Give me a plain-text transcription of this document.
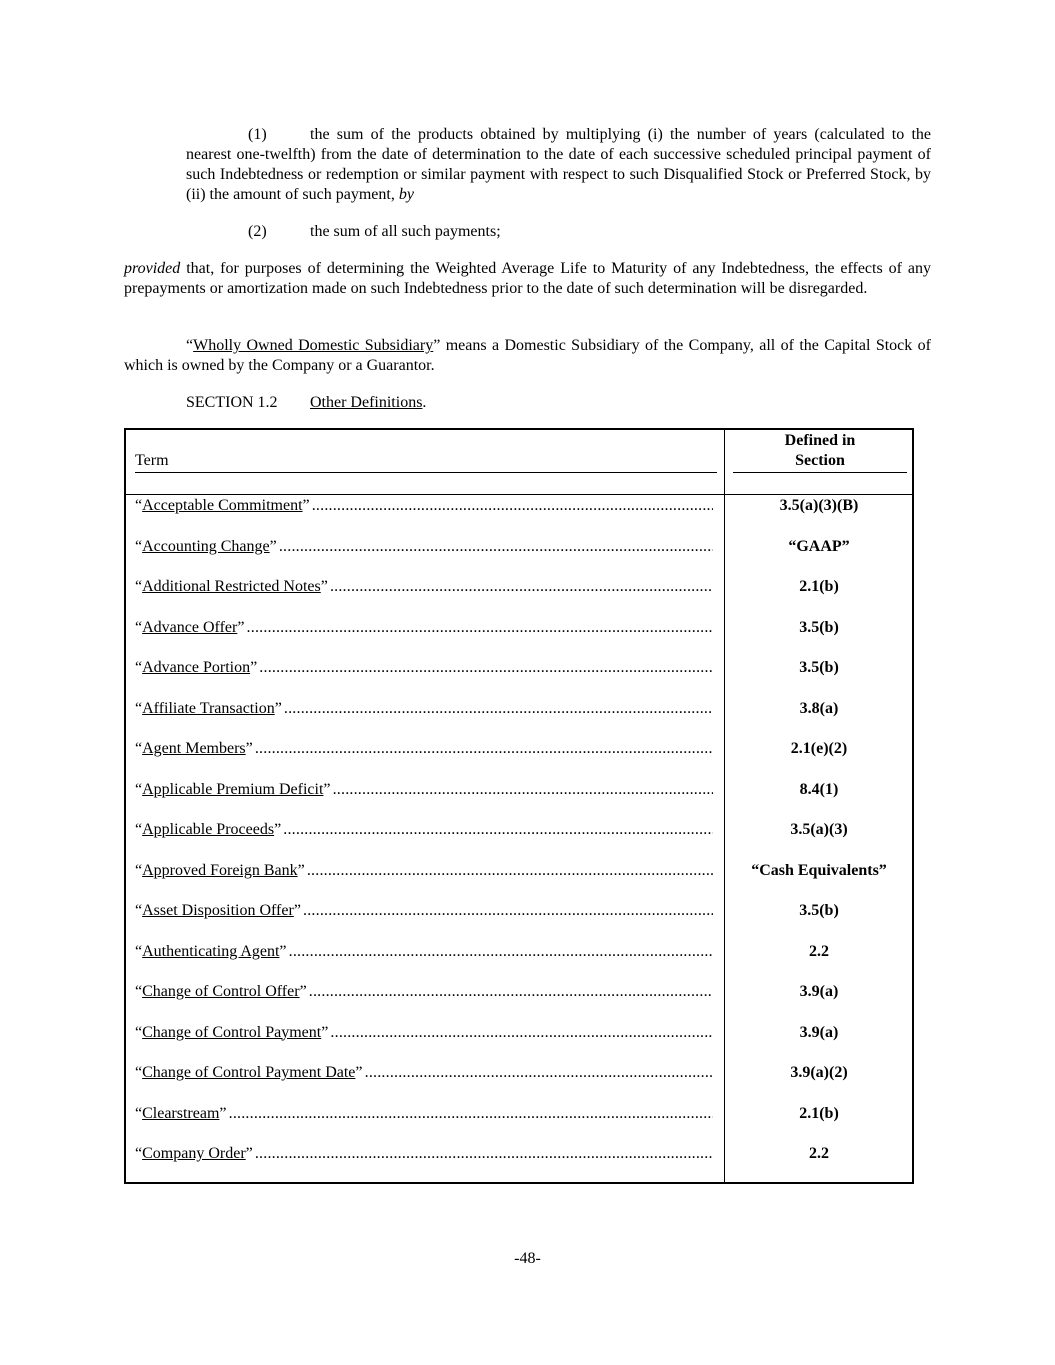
(1)	the sum of the products obtained by multiplying (i) the number of years (calculated to the nearest one-twelfth) from the date of determination to the date of each successive scheduled principal payment of such Indebtedness or redemption or similar payment with respect to such Disqualified Stock or Preferred Stock, by (ii) the amount of such payment, by

(2)	the sum of all such payments;

provided that, for purposes of determining the Weighted Average Life to Maturity of any Indebtedness, the effects of any prepayments or amortization made on such Indebtedness prior to the date of such determination will be disregarded.

“Wholly Owned Domestic Subsidiary” means a Domestic Subsidiary of the Company, all of the Capital Stock of which is owned by the Company or a Guarantor.

SECTION 1.2 Other Definitions.

Term
Defined in
Section
“Acceptable Commitment” . . .	3.5(a)(3)(B)
“Accounting Change” . . .	“GAAP”
“Additional Restricted Notes” . . .	2.1(b)
“Advance Offer” . . .	3.5(b)
“Advance Portion” . . .	3.5(b)
“Affiliate Transaction” . . .	3.8(a)
“Agent Members” . . .	2.1(e)(2)
“Applicable Premium Deficit” . . .	8.4(1)
“Applicable Proceeds” . . .	3.5(a)(3)
“Approved Foreign Bank” . . .	“Cash Equivalents”
“Asset Disposition Offer” . . .	3.5(b)
“Authenticating Agent” . . .	2.2
“Change of Control Offer” . . .	3.9(a)
“Change of Control Payment” . . .	3.9(a)
“Change of Control Payment Date” . . .	3.9(a)(2)
“Clearstream” . . .	2.1(b)
“Company Order” . . .	2.2
-48-
